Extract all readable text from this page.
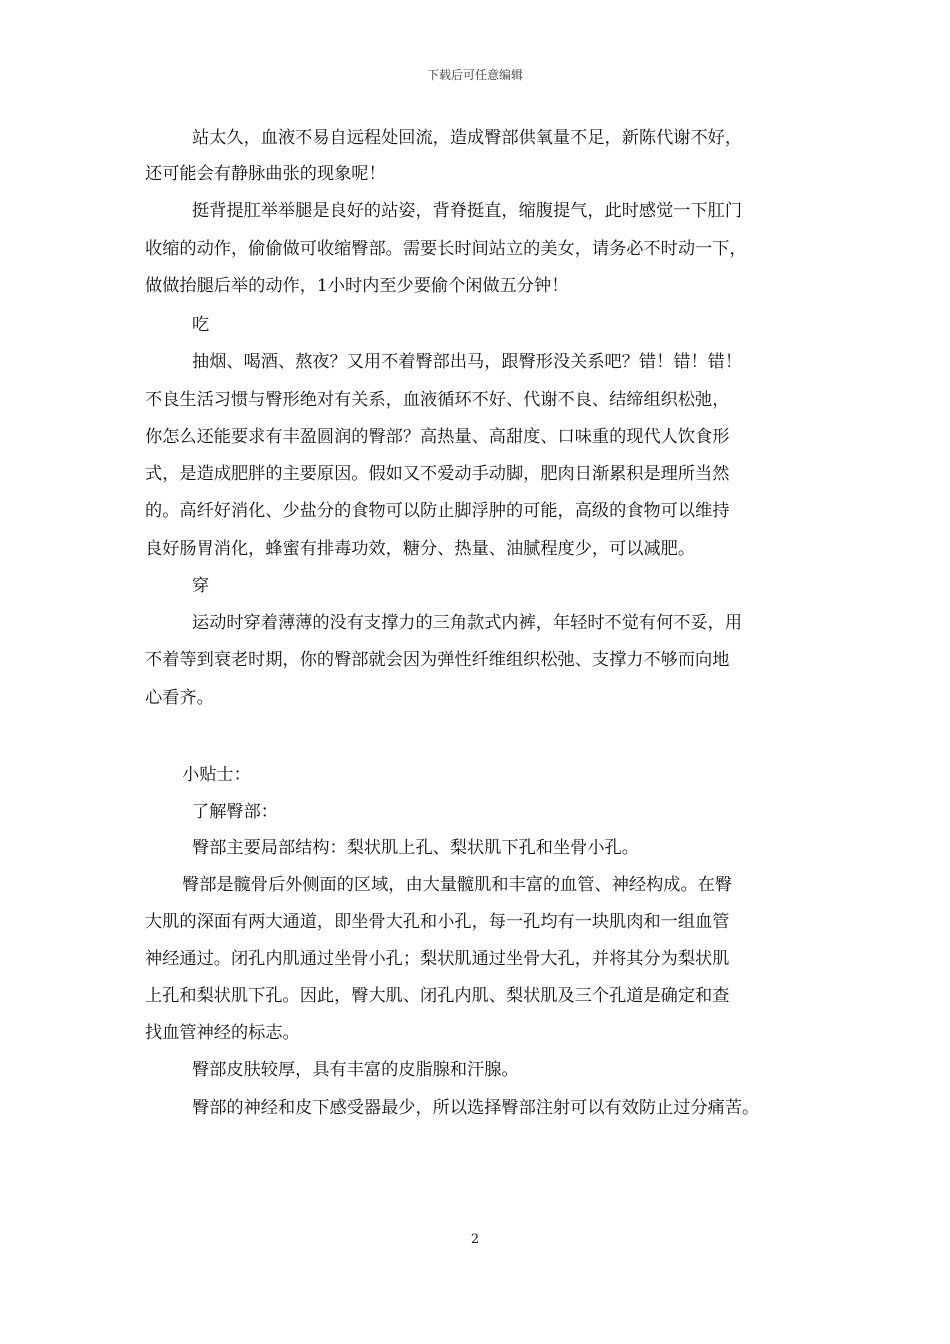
下载后可任意编辑
站太久，血液不易自远程处回流，造成臀部供氧量不足，新陈代谢不好，
还可能会有静脉曲张的现象呢！
挺背提肛举举腿是良好的站姿，背脊挺直，缩腹提气，此时感觉一下肛门
收缩的动作，偷偷做可收缩臀部。需要长时间站立的美女，请务必不时动一下，
做做抬腿后举的动作，1小时内至少要偷个闲做五分钟！
吃
抽烟、喝酒、熬夜？又用不着臀部出马，跟臀形没关系吧？错！错！错！
不良生活习惯与臀形绝对有关系，血液循环不好、代谢不良、结缔组织松弛，
你怎么还能要求有丰盈圆润的臀部？高热量、高甜度、口味重的现代人饮食形
式，是造成肥胖的主要原因。假如又不爱动手动脚，肥肉日渐累积是理所当然
的。高纤好消化、少盐分的食物可以防止脚浮肿的可能，高级的食物可以维持
良好肠胃消化，蜂蜜有排毒功效，糖分、热量、油腻程度少，可以减肥。
穿
运动时穿着薄薄的没有支撑力的三角款式内裤，年轻时不觉有何不妥，用
不着等到衰老时期，你的臀部就会因为弹性纤维组织松弛、支撑力不够而向地
心看齐。
小贴士：
了解臀部：
臀部主要局部结构：梨状肌上孔、梨状肌下孔和坐骨小孔。
臀部是髋骨后外侧面的区域，由大量髋肌和丰富的血管、神经构成。在臀
大肌的深面有两大通道，即坐骨大孔和小孔，每一孔均有一块肌肉和一组血管
神经通过。闭孔内肌通过坐骨小孔；梨状肌通过坐骨大孔，并将其分为梨状肌
上孔和梨状肌下孔。因此，臀大肌、闭孔内肌、梨状肌及三个孔道是确定和查
找血管神经的标志。
臀部皮肤较厚，具有丰富的皮脂腺和汗腺。
臀部的神经和皮下感受器最少，所以选择臀部注射可以有效防止过分痛苦。
2
